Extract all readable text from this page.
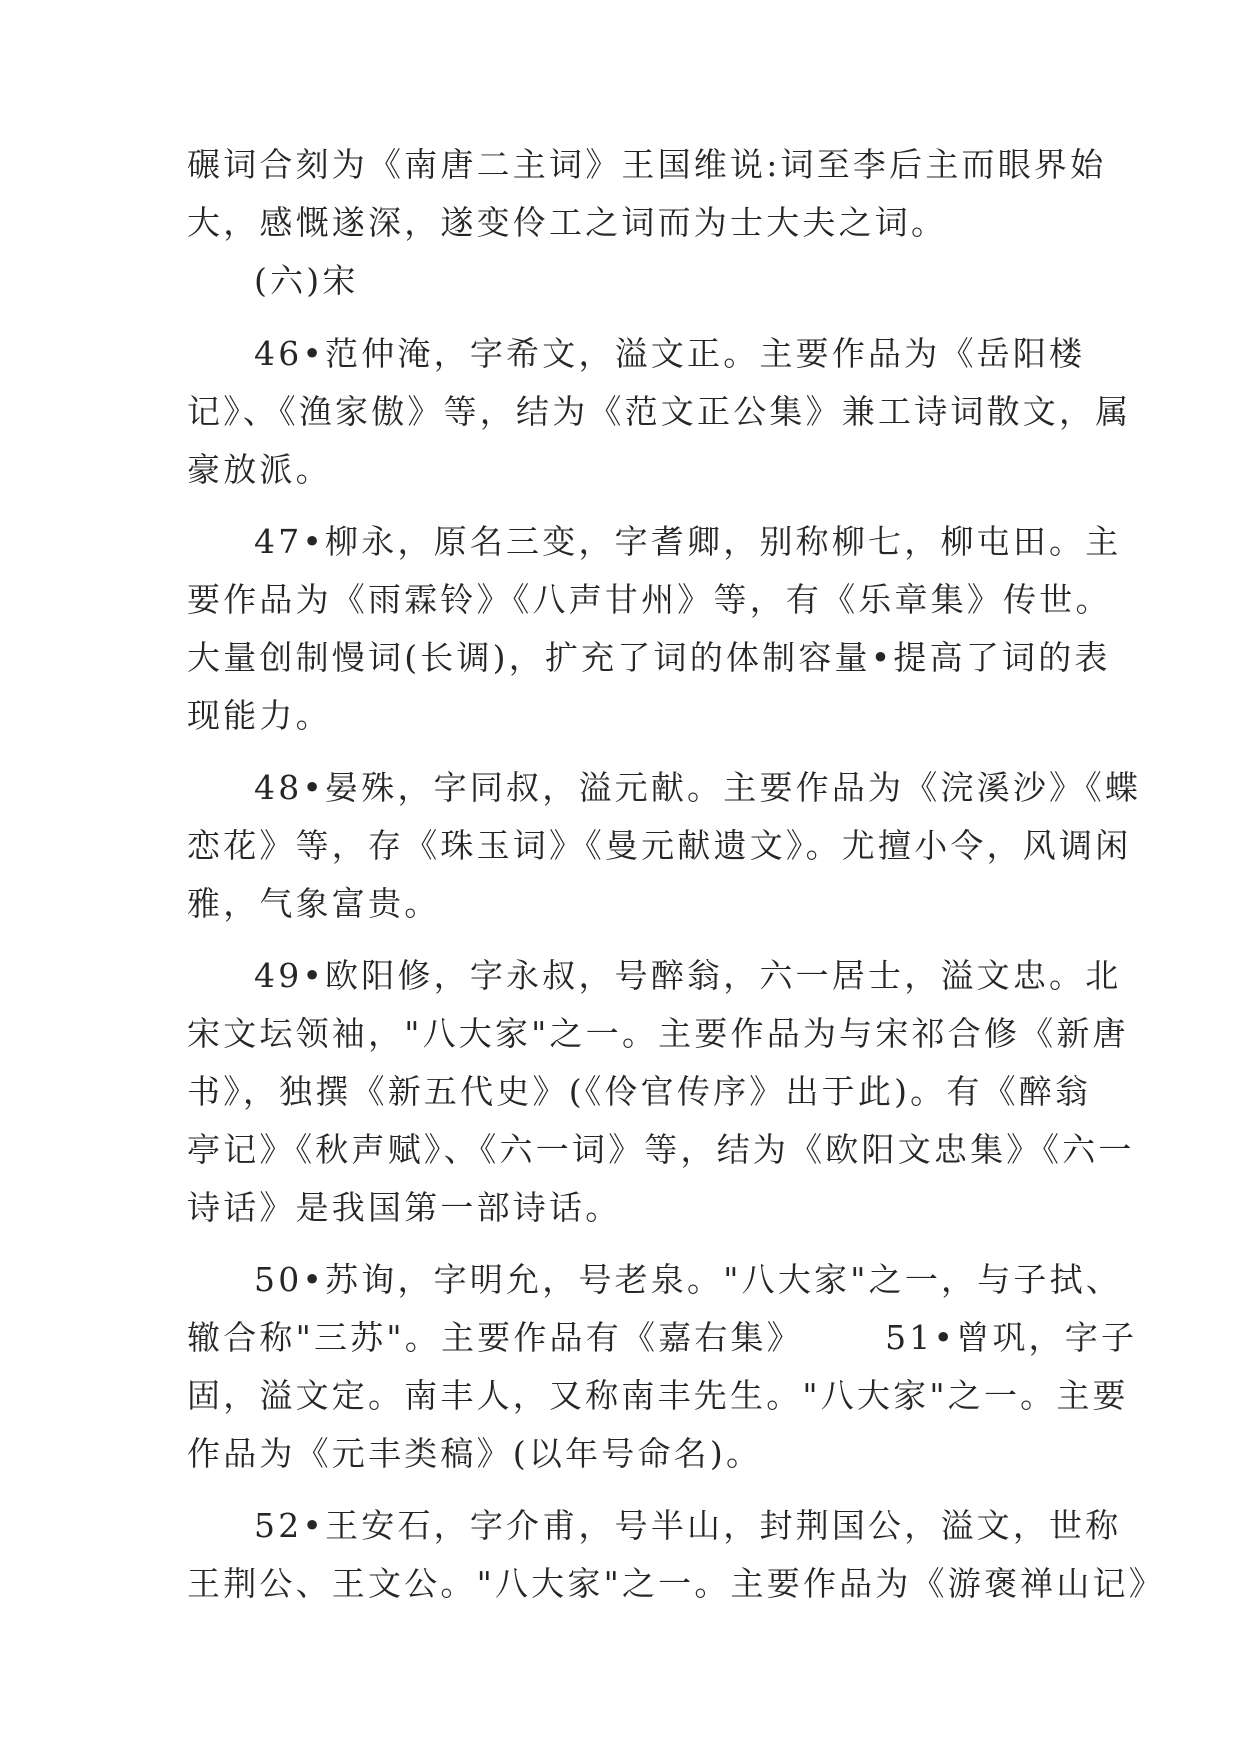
碾词合刻为《南唐二主词》王国维说:词至李后主而眼界始
大，感慨遂深，遂变伶工之词而为士大夫之词。
(六)宋
46•范仲淹，字希文，溢文正。主要作品为《岳阳楼
记》、《渔家傲》等，结为《范文正公集》兼工诗词散文，属
豪放派。
47•柳永，原名三变，字耆卿，别称柳七，柳屯田。主
要作品为《雨霖铃》《八声甘州》等，有《乐章集》传世。
大量创制慢词(长调)，扩充了词的体制容量•提高了词的表
现能力。
48•晏殊，字同叔，溢元献。主要作品为《浣溪沙》《蝶
恋花》等，存《珠玉词》《曼元献遗文》。尤擅小令，风调闲
雅，气象富贵。
49•欧阳修，字永叔，号醉翁，六一居士，溢文忠。北
宋文坛领袖，"八大家"之一。主要作品为与宋祁合修《新唐
书》，独撰《新五代史》(《伶官传序》出于此)。有《醉翁
亭记》《秋声赋》、《六一词》等，结为《欧阳文忠集》《六一
诗话》是我国第一部诗话。
50•苏询，字明允，号老泉。"八大家"之一，与子拭、
辙合称"三苏"。主要作品有《嘉右集》      51•曾巩，字子
固，溢文定。南丰人，又称南丰先生。"八大家"之一。主要
作品为《元丰类稿》(以年号命名)。
52•王安石，字介甫，号半山，封荆国公，溢文，世称
王荆公、王文公。"八大家"之一。主要作品为《游褒禅山记》
